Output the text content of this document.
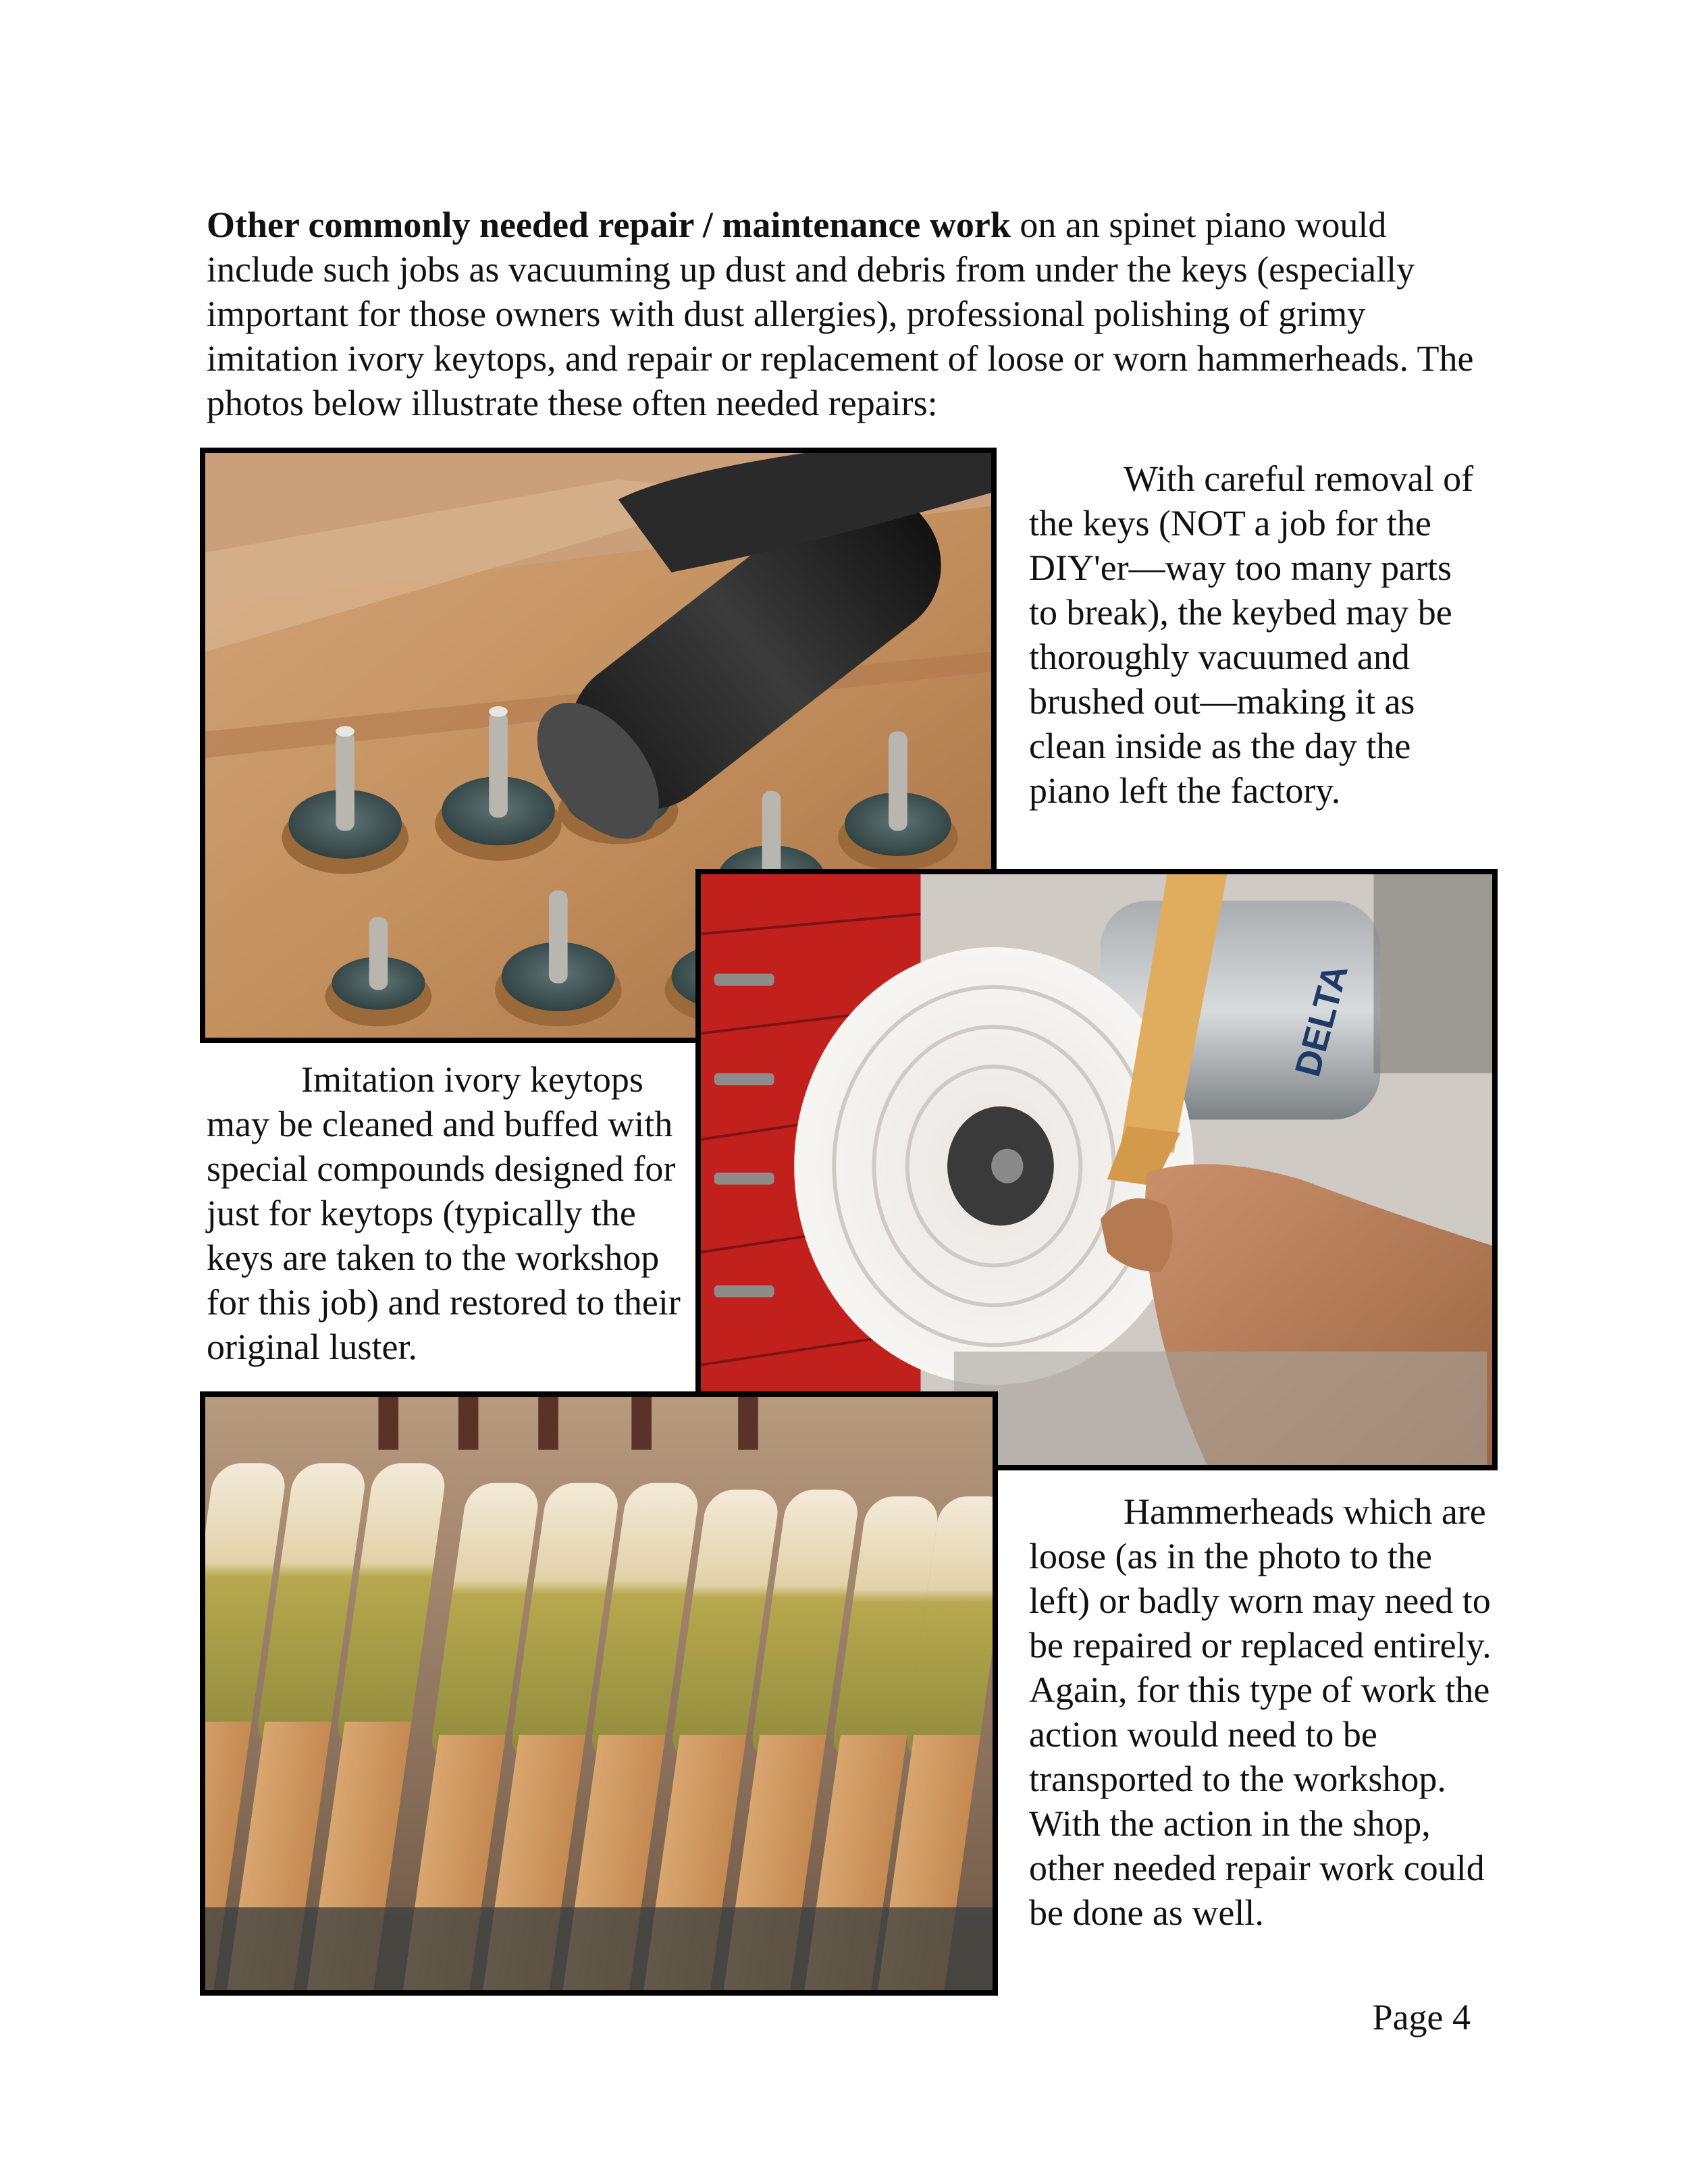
Other commonly needed repair / maintenance work on an spinet piano would include such jobs as vacuuming up dust and debris from under the keys (especially important for those owners with dust allergies), professional polishing of grimy imitation ivory keytops, and repair or replacement of loose or worn hammerheads. The photos below illustrate these often needed repairs:

With careful removal of the keys (NOT a job for the DIY'er—way too many parts to break), the keybed may be thoroughly vacuumed and brushed out—making it as clean inside as the day the piano left the factory.

DELTA

Imitation ivory keytops may be cleaned and buffed with special compounds designed for just for keytops (typically the keys are taken to the workshop for this job) and restored to their original luster.

Hammerheads which are loose (as in the photo to the left) or badly worn may need to be repaired or replaced entirely. Again, for this type of work the action would need to be transported to the workshop. With the action in the shop, other needed repair work could be done as well.

Page 4
